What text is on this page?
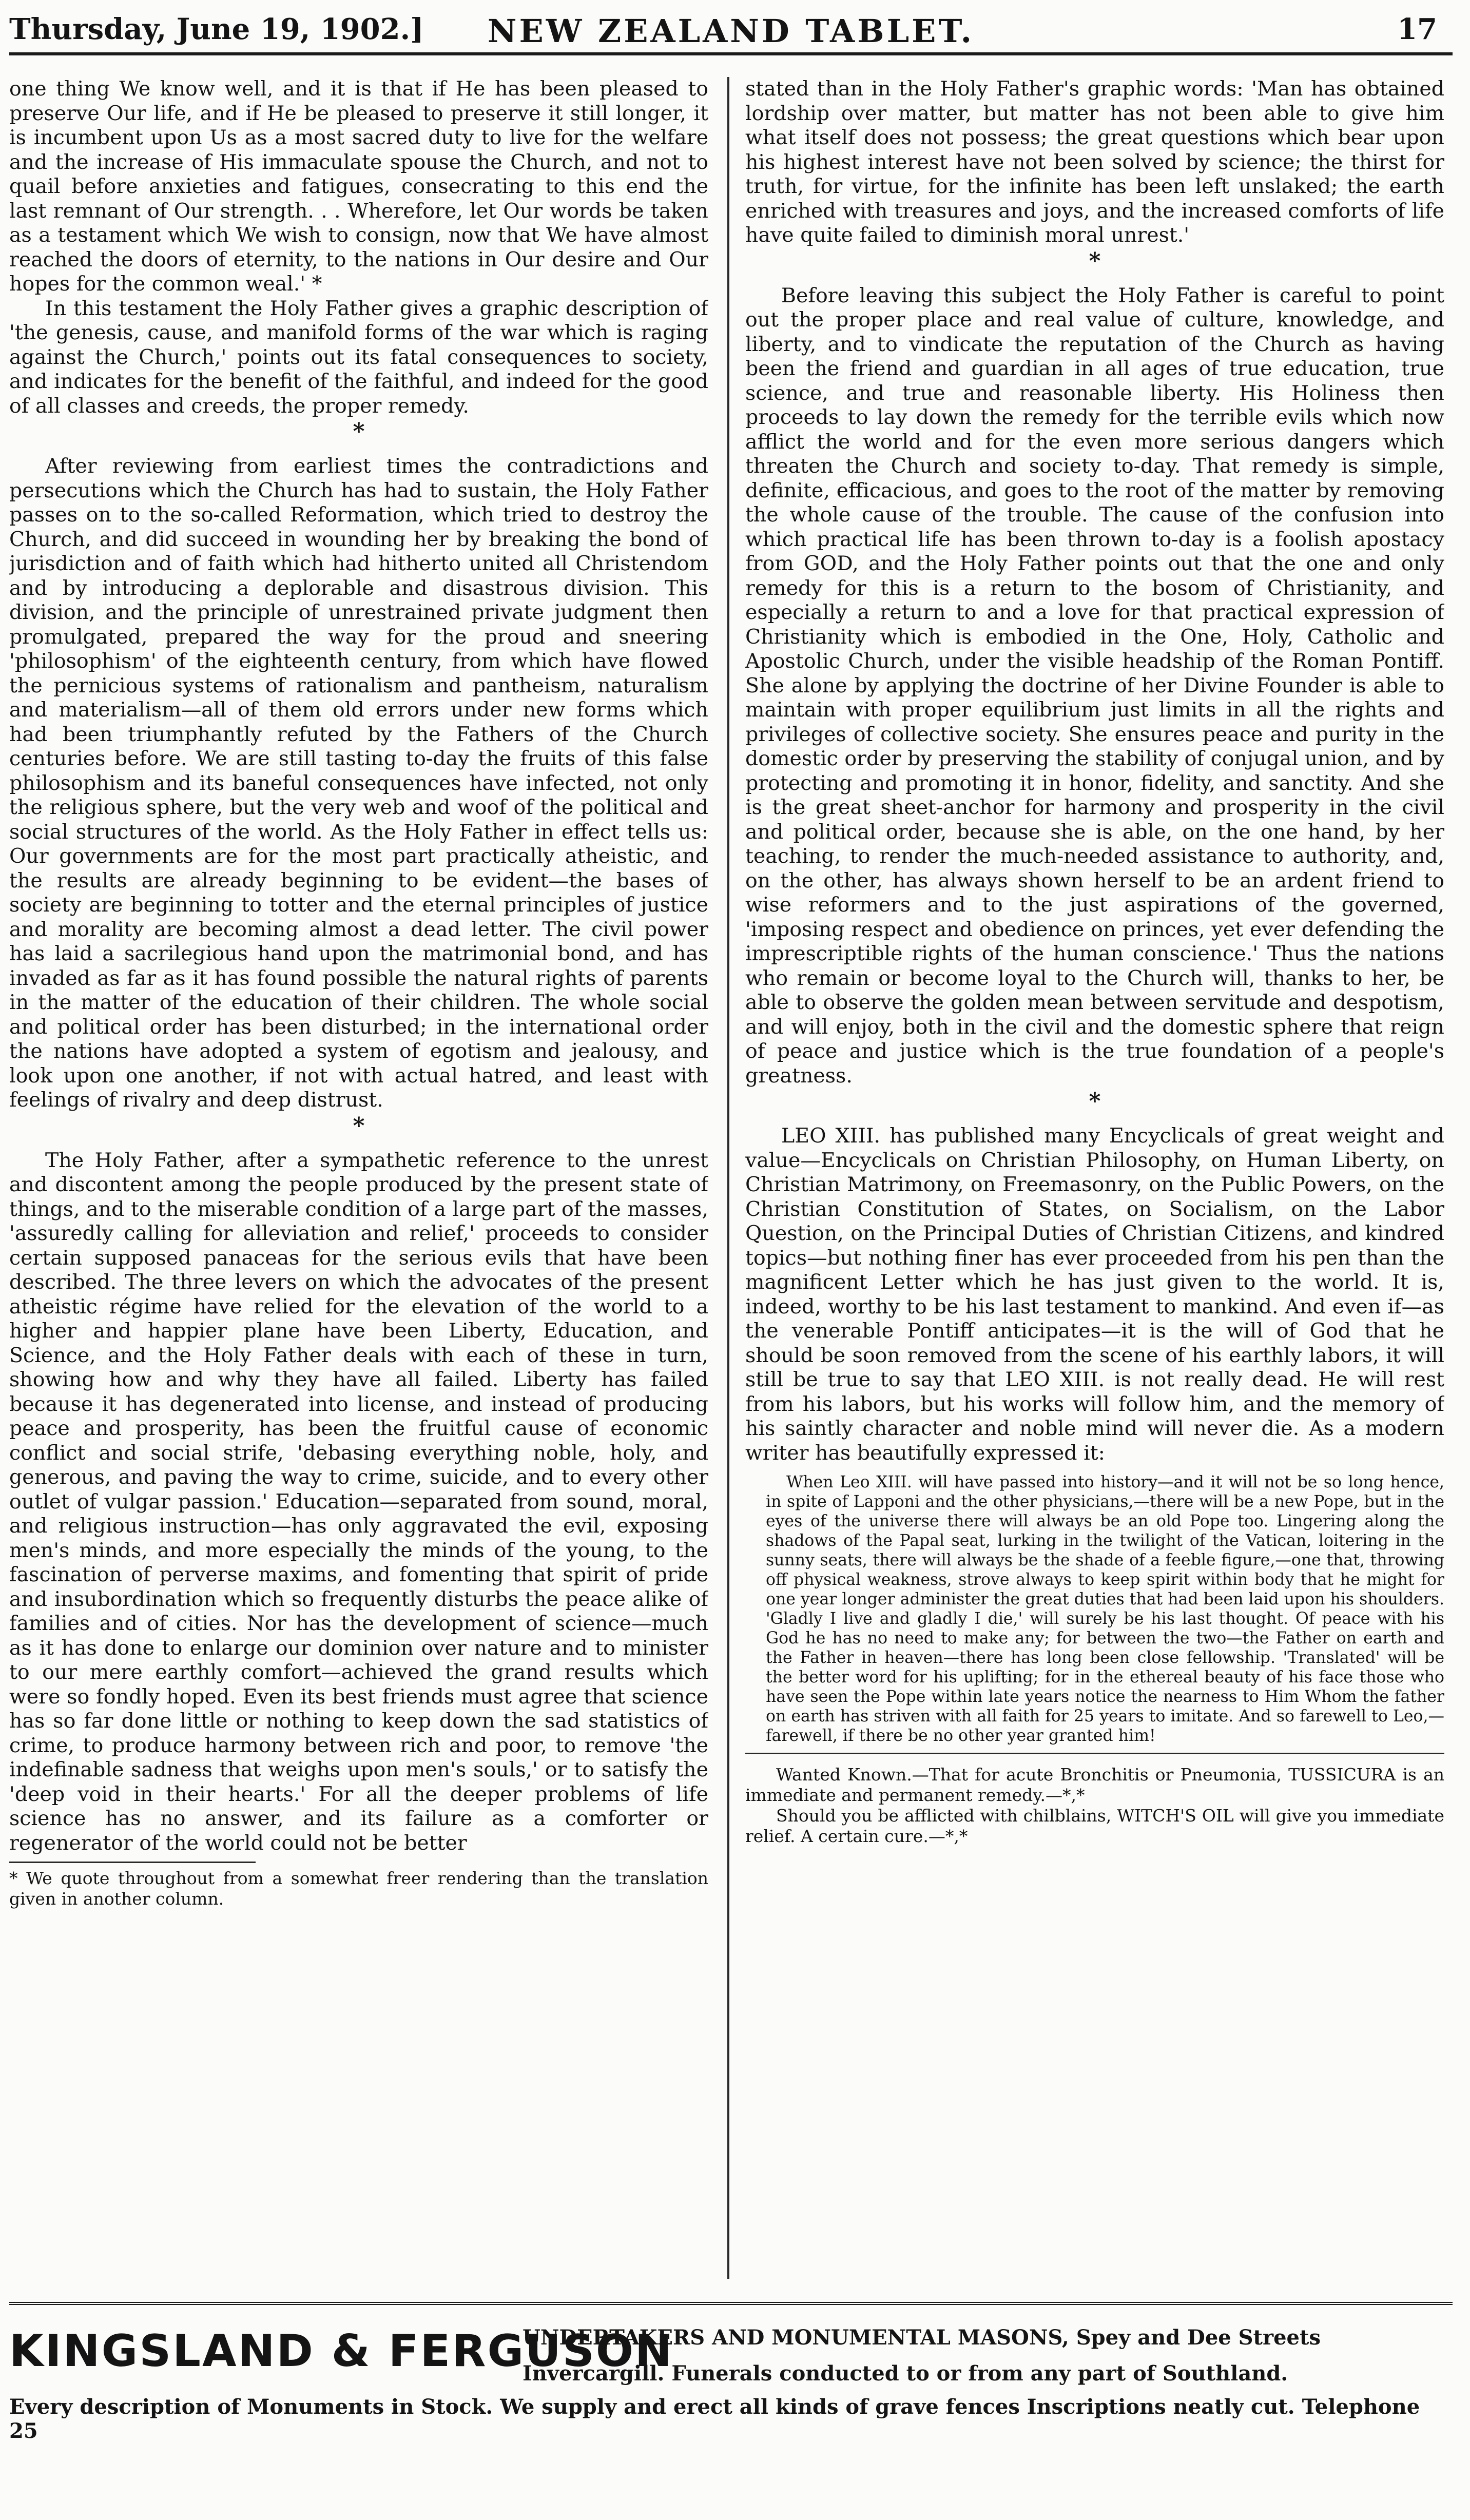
Thursday, June 19, 1902.]	NEW ZEALAND TABLET.	17

one thing We know well, and it is that if He has been pleased to preserve Our life, and if He be pleased to preserve it still longer, it is incumbent upon Us as a most sacred duty to live for the welfare and the increase of His immaculate spouse the Church, and not to quail before anxieties and fatigues, consecrating to this end the last remnant of Our strength. . . Wherefore, let Our words be taken as a testament which We wish to consign, now that We have almost reached the doors of eternity, to the nations in Our desire and Our hopes for the common weal.' *

In this testament the Holy Father gives a graphic description of 'the genesis, cause, and manifold forms of the war which is raging against the Church,' points out its fatal consequences to society, and indicates for the benefit of the faithful, and indeed for the good of all classes and creeds, the proper remedy.

*

After reviewing from earliest times the contradictions and persecutions which the Church has had to sustain, the Holy Father passes on to the so-called Reformation, which tried to destroy the Church, and did succeed in wounding her by breaking the bond of jurisdiction and of faith which had hitherto united all Christendom and by introducing a deplorable and disastrous division. This division, and the principle of unrestrained private judgment then promulgated, prepared the way for the proud and sneering 'philosophism' of the eighteenth century, from which have flowed the pernicious systems of rationalism and pantheism, naturalism and materialism—all of them old errors under new forms which had been triumphantly refuted by the Fathers of the Church centuries before. We are still tasting to-day the fruits of this false philosophism and its baneful consequences have infected, not only the religious sphere, but the very web and woof of the political and social structures of the world. As the Holy Father in effect tells us: Our governments are for the most part practically atheistic, and the results are already beginning to be evident—the bases of society are beginning to totter and the eternal principles of justice and morality are becoming almost a dead letter. The civil power has laid a sacrilegious hand upon the matrimonial bond, and has invaded as far as it has found possible the natural rights of parents in the matter of the education of their children. The whole social and political order has been disturbed; in the international order the nations have adopted a system of egotism and jealousy, and look upon one another, if not with actual hatred, and least with feelings of rivalry and deep distrust.

*

The Holy Father, after a sympathetic reference to the unrest and discontent among the people produced by the present state of things, and to the miserable condition of a large part of the masses, 'assuredly calling for alleviation and relief,' proceeds to consider certain supposed panaceas for the serious evils that have been described. The three levers on which the advocates of the present atheistic régime have relied for the elevation of the world to a higher and happier plane have been Liberty, Education, and Science, and the Holy Father deals with each of these in turn, showing how and why they have all failed. Liberty has failed because it has degenerated into license, and instead of producing peace and prosperity, has been the fruitful cause of economic conflict and social strife, 'debasing everything noble, holy, and generous, and paving the way to crime, suicide, and to every other outlet of vulgar passion.' Education—separated from sound, moral, and religious instruction—has only aggravated the evil, exposing men's minds, and more especially the minds of the young, to the fascination of perverse maxims, and fomenting that spirit of pride and insubordination which so frequently disturbs the peace alike of families and of cities. Nor has the development of science—much as it has done to enlarge our dominion over nature and to minister to our mere earthly comfort—achieved the grand results which were so fondly hoped. Even its best friends must agree that science has so far done little or nothing to keep down the sad statistics of crime, to produce harmony between rich and poor, to remove 'the indefinable sadness that weighs upon men's souls,' or to satisfy the 'deep void in their hearts.' For all the deeper problems of life science has no answer, and its failure as a comforter or regenerator of the world could not be better

* We quote throughout from a somewhat freer rendering than the translation given in another column.

stated than in the Holy Father's graphic words: 'Man has obtained lordship over matter, but matter has not been able to give him what itself does not possess; the great questions which bear upon his highest interest have not been solved by science; the thirst for truth, for virtue, for the infinite has been left unslaked; the earth enriched with treasures and joys, and the increased comforts of life have quite failed to diminish moral unrest.'

*

Before leaving this subject the Holy Father is careful to point out the proper place and real value of culture, knowledge, and liberty, and to vindicate the reputation of the Church as having been the friend and guardian in all ages of true education, true science, and true and reasonable liberty. His Holiness then proceeds to lay down the remedy for the terrible evils which now afflict the world and for the even more serious dangers which threaten the Church and society to-day. That remedy is simple, definite, efficacious, and goes to the root of the matter by removing the whole cause of the trouble. The cause of the confusion into which practical life has been thrown to-day is a foolish apostacy from GOD, and the Holy Father points out that the one and only remedy for this is a return to the bosom of Christianity, and especially a return to and a love for that practical expression of Christianity which is embodied in the One, Holy, Catholic and Apostolic Church, under the visible headship of the Roman Pontiff. She alone by applying the doctrine of her Divine Founder is able to maintain with proper equilibrium just limits in all the rights and privileges of collective society. She ensures peace and purity in the domestic order by preserving the stability of conjugal union, and by protecting and promoting it in honor, fidelity, and sanctity. And she is the great sheet-anchor for harmony and prosperity in the civil and political order, because she is able, on the one hand, by her teaching, to render the much-needed assistance to authority, and, on the other, has always shown herself to be an ardent friend to wise reformers and to the just aspirations of the governed, 'imposing respect and obedience on princes, yet ever defending the imprescriptible rights of the human conscience.' Thus the nations who remain or become loyal to the Church will, thanks to her, be able to observe the golden mean between servitude and despotism, and will enjoy, both in the civil and the domestic sphere that reign of peace and justice which is the true foundation of a people's greatness.

*

LEO XIII. has published many Encyclicals of great weight and value—Encyclicals on Christian Philosophy, on Human Liberty, on Christian Matrimony, on Freemasonry, on the Public Powers, on the Christian Constitution of States, on Socialism, on the Labor Question, on the Principal Duties of Christian Citizens, and kindred topics—but nothing finer has ever proceeded from his pen than the magnificent Letter which he has just given to the world. It is, indeed, worthy to be his last testament to mankind. And even if—as the venerable Pontiff anticipates—it is the will of God that he should be soon removed from the scene of his earthly labors, it will still be true to say that LEO XIII. is not really dead. He will rest from his labors, but his works will follow him, and the memory of his saintly character and noble mind will never die. As a modern writer has beautifully expressed it:

When Leo XIII. will have passed into history—and it will not be so long hence, in spite of Lapponi and the other physicians,—there will be a new Pope, but in the eyes of the universe there will always be an old Pope too. Lingering along the shadows of the Papal seat, lurking in the twilight of the Vatican, loitering in the sunny seats, there will always be the shade of a feeble figure,—one that, throwing off physical weakness, strove always to keep spirit within body that he might for one year longer administer the great duties that had been laid upon his shoulders. 'Gladly I live and gladly I die,' will surely be his last thought. Of peace with his God he has no need to make any; for between the two—the Father on earth and the Father in heaven—there has long been close fellowship. 'Translated' will be the better word for his uplifting; for in the ethereal beauty of his face those who have seen the Pope within late years notice the nearness to Him Whom the father on earth has striven with all faith for 25 years to imitate. And so farewell to Leo,—farewell, if there be no other year granted him!

Wanted Known.—That for acute Bronchitis or Pneumonia, TUSSICURA is an immediate and permanent remedy.—*,*

Should you be afflicted with chilblains, WITCH'S OIL will give you immediate relief. A certain cure.—*,*

KINGSLAND & FERGUSON
UNDERTAKERS AND MONUMENTAL MASONS, Spey and Dee Streets
Invercargill. Funerals conducted to or from any part of Southland.
Every description of Monuments in Stock. We supply and erect all kinds of grave fences Inscriptions neatly cut. Telephone 25
